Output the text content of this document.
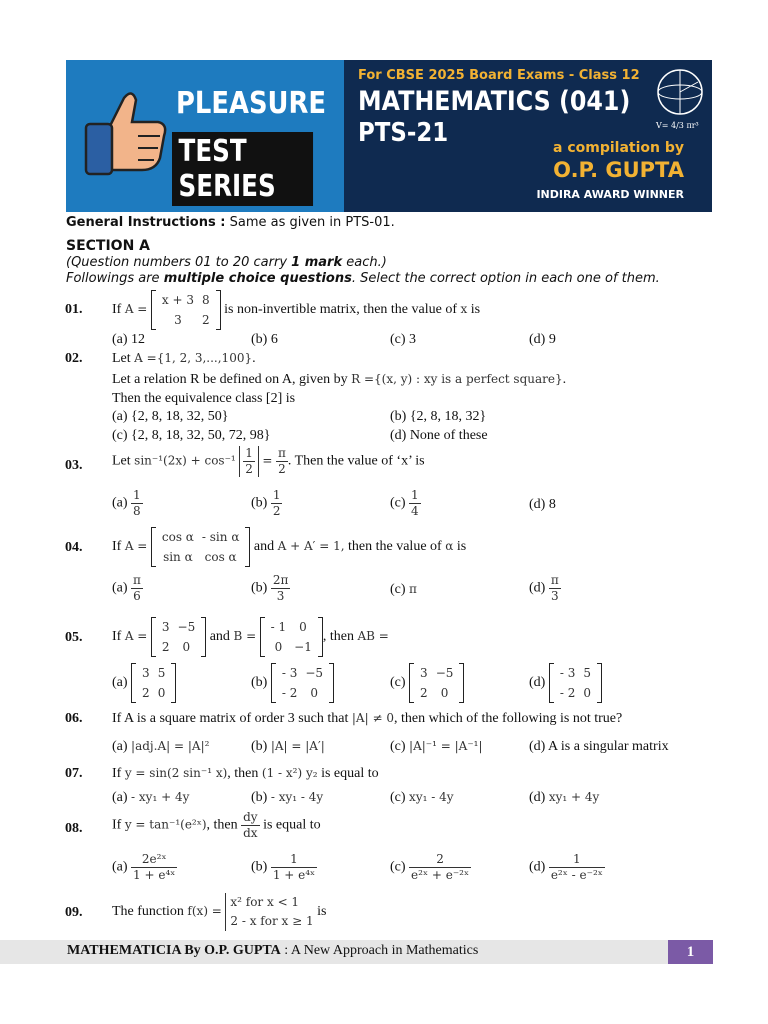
PLEASURE
TEST SERIES
For CBSE 2025 Board Exams - Class 12
MATHEMATICS (041)
PTS-21	V= 4/3 πr³
a compilation by
O.P. GUPTA
INDIRA AWARD WINNER
General Instructions : Same as given in PTS-01.
SECTION A
(Question numbers 01 to 20 carry 1 mark each.)
Followings are multiple choice questions. Select the correct option in each one of them.
01. If A =
x + 3	8
3	2
is non-invertible matrix, then the value of x is
(a) 12	(b) 6	(c) 3	(d) 9
02. Let A ={1, 2, 3,...,100}.
Let a relation R be defined on A, given by R ={(x, y) : xy is a perfect square}.
Then the equivalence class [2] is
(a) {2, 8, 18, 32, 50}	(b) {2, 8, 18, 32}
(c) {2, 8, 18, 32, 50, 72, 98}	(d) None of these
03. Let $\sin^{-1}(2x) + \cos^{-1} \frac{1}{2} = \frac{\pi}{2}$ . Then the value of ‘x’ is
$(a) \frac{1}{8}$	$(b) \frac{1}{2}$	$(c) \frac{1}{4}$	(d) 8
04. If A =
cos α	- sin α
sin α	cos α
and A + A′ = 1, then the value of α is
$(a) \frac{\pi}{6}$	$(b) \frac{2\pi}{3}$	(c) π	$(d) \frac{\pi}{3}$
05. If A =
3	−5
2	0
and B =
- 1	0
0	−1
, then AB =
(a)
3	5
2	0
(b)
- 3	−5
- 2	0
(c)
3	−5
2	0
(d)
- 3	5
- 2	0
06. If A is a square matrix of order 3 such that |A| ≠ 0, then which of the following is not true?
(a) |adj.A| = |A|²	(b) |A| = |A′|	(c) |A|⁻¹ = |A⁻¹|	(d) A is a singular matrix
07. If y = sin(2 sin⁻¹ x), then (1 - x²) y₂ is equal to
(a) - xy₁ + 4y	(b) - xy₁ - 4y	(c) xy₁ - 4y	(d) xy₁ + 4y
08. If y = tan⁻¹(e²ˣ), then $\frac{dy}{dx}$ is equal to
$(a) \frac{\text{2e²ˣ}}{\text{1 + e⁴ˣ}}$	$(b) \frac{1}{\text{1 + e⁴ˣ}}$	$(c) \frac{2}{\text{e²ˣ + e⁻²ˣ}}$	$(d) \frac{1}{\text{e²ˣ - e⁻²ˣ}}$
09. The function f(x) =
x² for x < 1
2 - x for x ≥ 1
is
MATHEMATICIA By O.P. GUPTA : A New Approach in Mathematics	1
